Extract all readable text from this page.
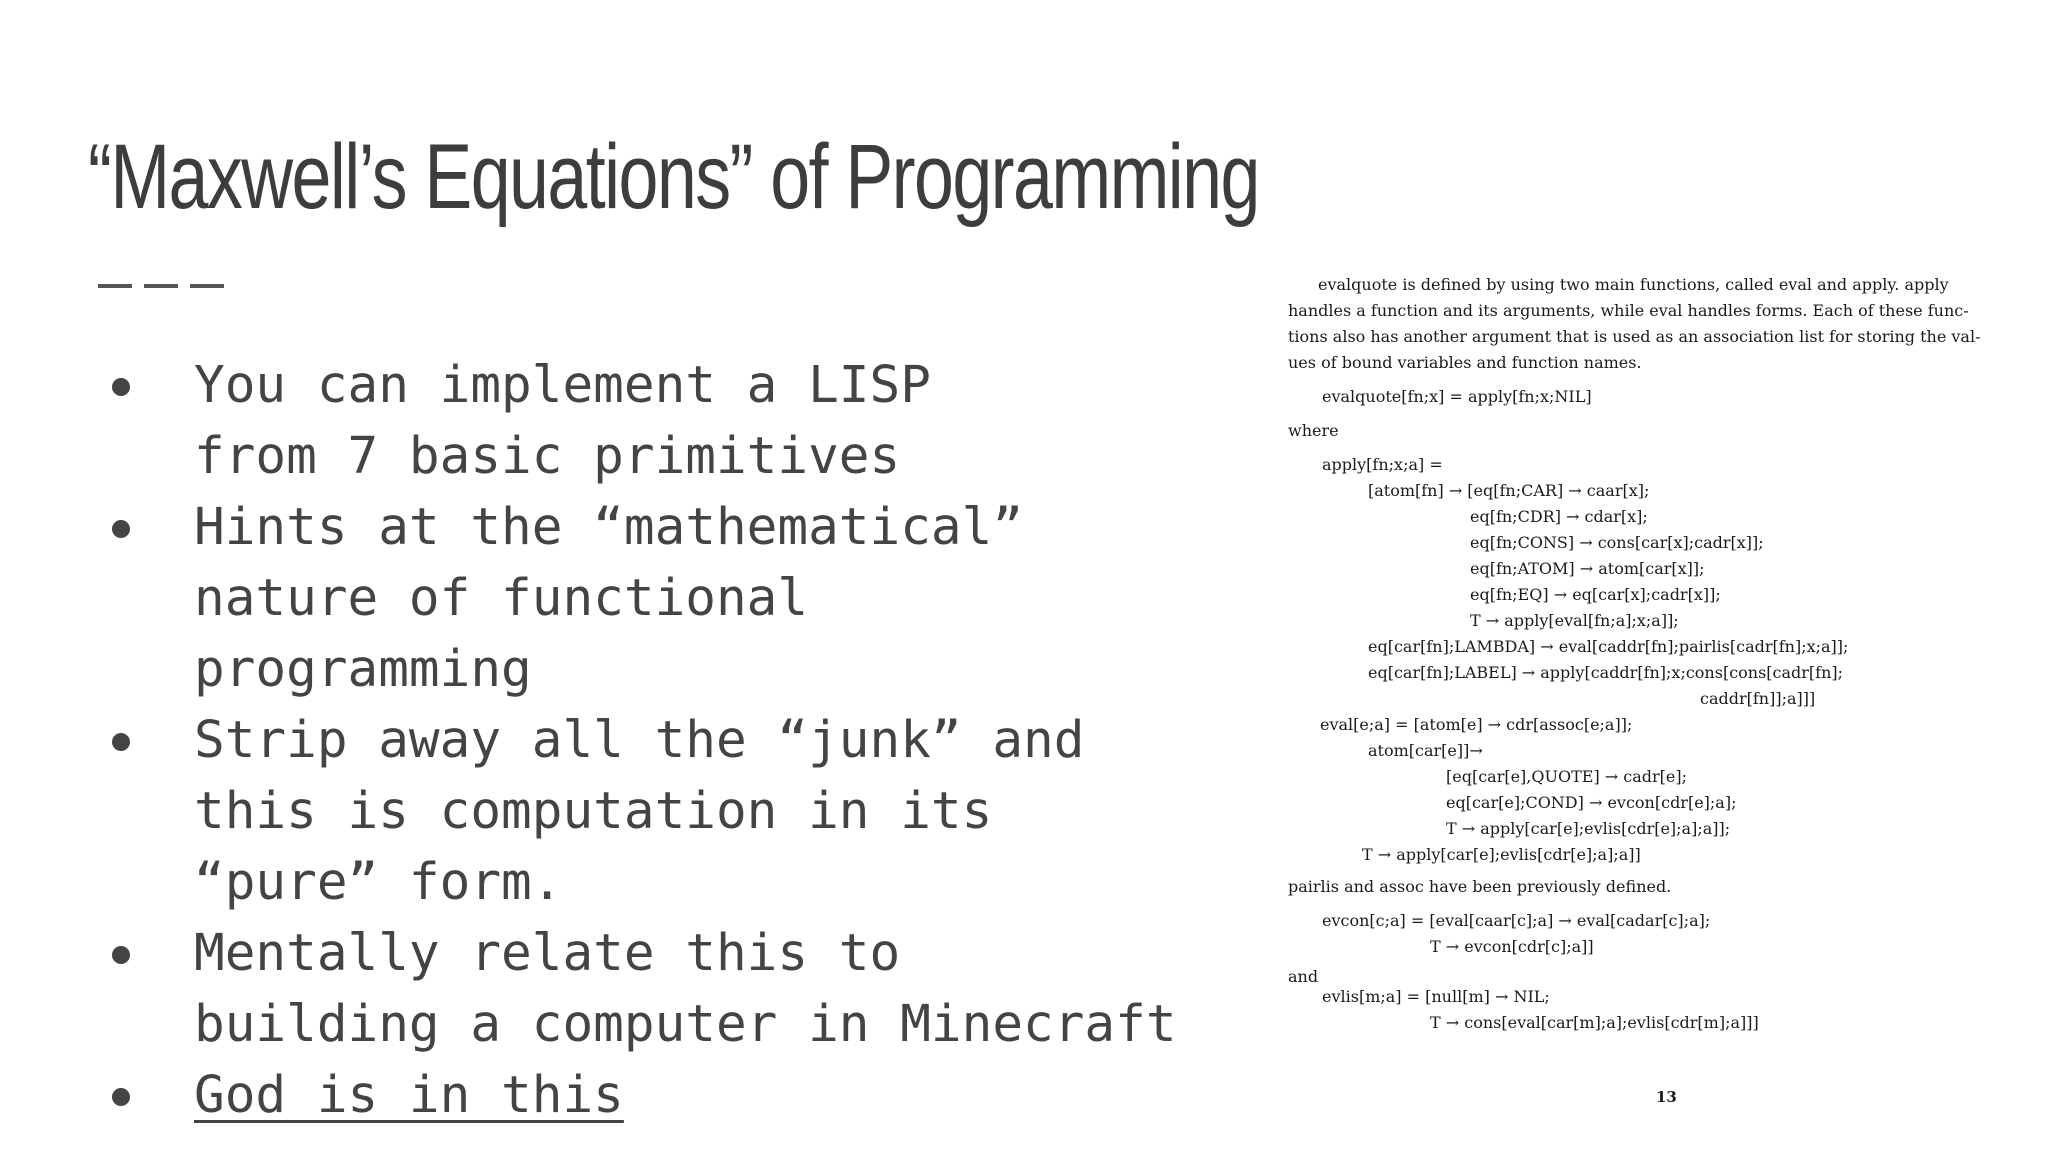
“Maxwell’s Equations” of Programming
You can implement a LISP
from 7 basic primitives
Hints at the “mathematical”
nature of functional
programming
Strip away all the “junk” and
this is computation in its
“pure” form.
Mentally relate this to
building a computer in Minecraft
God is in this
evalquote is defined by using two main functions, called eval and apply. apply
handles a function and its arguments, while eval handles forms. Each of these func-
tions also has another argument that is used as an association list for storing the val-
ues of bound variables and function names.
evalquote[fn;x] = apply[fn;x;NIL]
where
apply[fn;x;a] =
[atom[fn] → [eq[fn;CAR] → caar[x];
eq[fn;CDR] → cdar[x];
eq[fn;CONS] → cons[car[x];cadr[x]];
eq[fn;ATOM] → atom[car[x]];
eq[fn;EQ] → eq[car[x];cadr[x]];
T → apply[eval[fn;a];x;a]];
eq[car[fn];LAMBDA] → eval[caddr[fn];pairlis[cadr[fn];x;a]];
eq[car[fn];LABEL] → apply[caddr[fn];x;cons[cons[cadr[fn];
caddr[fn]];a]]]
eval[e;a] = [atom[e] → cdr[assoc[e;a]];
atom[car[e]]→
[eq[car[e],QUOTE] → cadr[e];
eq[car[e];COND] → evcon[cdr[e];a];
T → apply[car[e];evlis[cdr[e];a];a]];
T → apply[car[e];evlis[cdr[e];a];a]]
pairlis and assoc have been previously defined.
evcon[c;a] = [eval[caar[c];a] → eval[cadar[c];a];
T → evcon[cdr[c];a]]
and
evlis[m;a] = [null[m] → NIL;
T → cons[eval[car[m];a];evlis[cdr[m];a]]]
13
